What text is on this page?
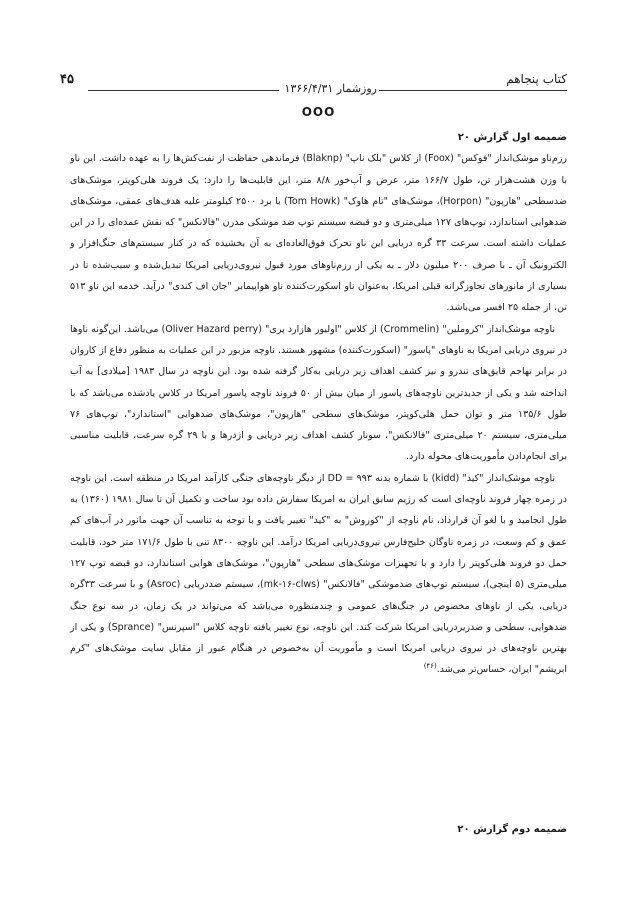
کتاب پنجاهم
روزشمار ۱۳۶۶/۴/۳۱
۴۵
OOO

ضمیمه اول گزارش ۲۰

رزم‌ناو موشک‌انداز "فوکس" (Foox) از کلاس "بلک ناپ" (Blaknp) فرماندهی حفاظت از نفت‌کش‌ها را به عهده داشت. این ناو با وزن هشت‌هزار تن، طول ۱۶۶/۷ متر، عرض و آب‌خور ۸/۸ متر، این قابلیت‌ها را دارد: یک فروند هلی‌کوپتر، موشک‌های ضدسطحی "هارپون" (Horpon)، موشک‌های "تام هاوک" (Tom Howk) با برد ۲۵۰۰ کیلومتر علیه هدف‌های عمقی، موشک‌های ضدهوایی استاندارد، توپ‌های ۱۲۷ میلی‌متری و دو قبضه سیستم توپ ضد موشکی مدرن "فالانکس" که نقش عمده‌ای را در این عملیات داشته است. سرعت ۳۳ گره دریایی این ناو تحرک فوق‌العاده‌ای به آن بخشیده که در کنار سیستم‌های جنگ‌افزار و الکترونیک آن ـ با صرف ۲۰۰ میلیون دلار ـ به یکی از رزم‌ناوهای مورد قبول نیروی‌دریایی امریکا تبدیل‌شده و سبب‌شده تا در بسیاری از مانورهای تجاوزگرانه قبلی امریکا، به‌عنوان ناو اسکورت‌کننده ناو هواپیمابر "جان اف کندی" درآید. خدمه این ناو ۵۱۳ تن، از جمله ۲۵ افسر می‌باشد.

ناوچه موشک‌انداز "کروملین" (Crommelin) از کلاس "اولیور هازارد پری" (Oliver Hazard perry) می‌باشد. این‌گونه ناوها در نیروی دریایی امریکا به ناوهای "پاسور" (اسکورت‌کننده) مشهور هستند. ناوچه مزبور در این عملیات به منظور دفاع از کاروان در برابر تهاجم قایق‌های تندرو و نیز کشف اهداف زیر دریایی به‌کار گرفته شده بود. این ناوچه در سال ۱۹۸۳ [میلادی] به آب انداخته شد و یکی از جدیدترین ناوچه‌های پاسور از میان بیش از ۵۰ فروند ناوچه پاسور امریکا در کلاس یادشده می‌باشد که با طول ۱۳۵/۶ متر و توان حمل هلی‌کوپتر، موشک‌های سطحی "هارپون"، موشک‌های ضدهوایی "استاندارد"، توپ‌های ۷۶ میلی‌متری، سیستم ۲۰ میلی‌متری "فالانکس"، سونار کشف اهداف زیر دریایی و اژدرها و با ۲۹ گره سرعت، قابلیت مناسبی برای انجام‌دادن مأموریت‌های محوله دارد.

ناوچه موشک‌انداز "کید" (kidd) با شماره بدنه DD = ۹۹۳ از دیگر ناوچه‌های جنگی کارآمد امریکا در منطقه است. این ناوچه در زمره چهار فروند ناوچه‌ای است که رژیم سابق ایران به امریکا سفارش داده بود ساخت و تکمیل آن تا سال ۱۹۸۱ (۱۳۶۰) به طول انجامید و با لغو آن قرارداد، نام ناوچه از "کوروش" به "کید" تغییر یافت و با توجه به تناسب آن جهت مانور در آب‌های کم عمق و کم وسعت، در زمره ناوگان خلیج‌فارس نیروی‌دریایی امریکا درآمد. این ناوچه ۸۳۰۰ تنی با طول ۱۷۱/۶ متر خود، قابلیت حمل دو فروند هلی‌کوپتر را دارد و با تجهیزات موشک‌های سطحی "هارپون"، موشک‌های هوایی استاندارد، دو قبضه توپ ۱۲۷ میلی‌متری (۵ اینچی)، سیستم توپ‌های ضدموشکی "فالانکس" (mk-۱۶-clws)، سیستم ضددریایی (Asroc) و با سرعت ۳۳گره دریایی، یکی از ناوهای مخصوص در جنگ‌های عمومی و چندمنظوره می‌باشد که می‌تواند در یک زمان، در سه نوع جنگ ضدهوایی، سطحی و ضدزیردریایی امریکا شرکت کند. این ناوچه، نوع تغییر یافته ناوچه کلاس "اسپرنس" (Sprance) و یکی از بهترین ناوچه‌های در نیروی دریایی امریکا است و مأموریت آن به‌خصوص در هنگام عبور از مقابل سایت موشک‌های "کرم ابریشم" ایران، حساس‌تر می‌شد.$^{(۴۶)}$

ضمیمه دوم گزارش ۲۰
